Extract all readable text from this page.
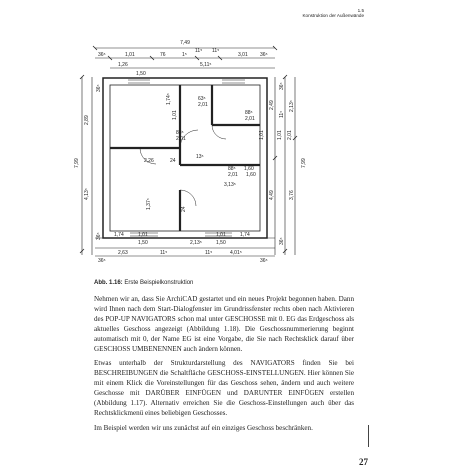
1.5
Konstruktion der Außenwände
7,49
36⁵	1,01	76	1⁵
11⁵ 11⁵
3,01 36⁵
1,26
1,50
5,11⁵
7,99
2,89
36⁵
36⁵
4,13⁵
7,99
2,49
1,01
11⁵
2,13⁵
3,76
4,49
36⁵
36⁵
2,01
1,01
1,74	1,01	1,01	1,74
2,63	11⁵
2,13⁵
11⁵	4,01⁵
1,50	1,50
36⁵	36⁵
1,74⁵
1,01
63⁵
2,01
88⁵
2,01
88⁵
2,01
2,26	24
1,60
3,13⁵
88⁵
2,01
1,37⁵
13⁵
24
1,60
Abb. 1.16: Erste Beispielkonstruktion

Nehmen wir an, dass Sie ArchiCAD gestartet und ein neues Projekt begonnen haben. Dann wird Ihnen nach dem Start-Dialogfenster im Grundrissfenster rechts oben nach Aktivieren des POP-UP NAVIGATORS schon mal unter GESCHOSSE mit 0. EG das Erdgeschoss als aktuelles Geschoss angezeigt (Abbildung 1.18). Die Geschossnummerierung beginnt automatisch mit 0, der Name EG ist eine Vorgabe, die Sie nach Rechtsklick darauf über GESCHOSS UMBENENNEN auch ändern können.

Etwas unterhalb der Strukturdarstellung des NAVIGATORS finden Sie bei BESCHREIBUNGEN die Schaltfläche GESCHOSS-EINSTELLUNGEN. Hier können Sie mit einem Klick die Voreinstellungen für das Geschoss sehen, ändern und auch weitere Geschosse mit DARÜBER EINFÜGEN und DARUNTER EINFÜGEN erstellen (Abbildung 1.17). Alternativ erreichen Sie die Geschoss-Einstellungen auch über das Rechtsklickmenü eines beliebigen Geschosses.

Im Beispiel werden wir uns zunächst auf ein einziges Geschoss beschränken.

27
